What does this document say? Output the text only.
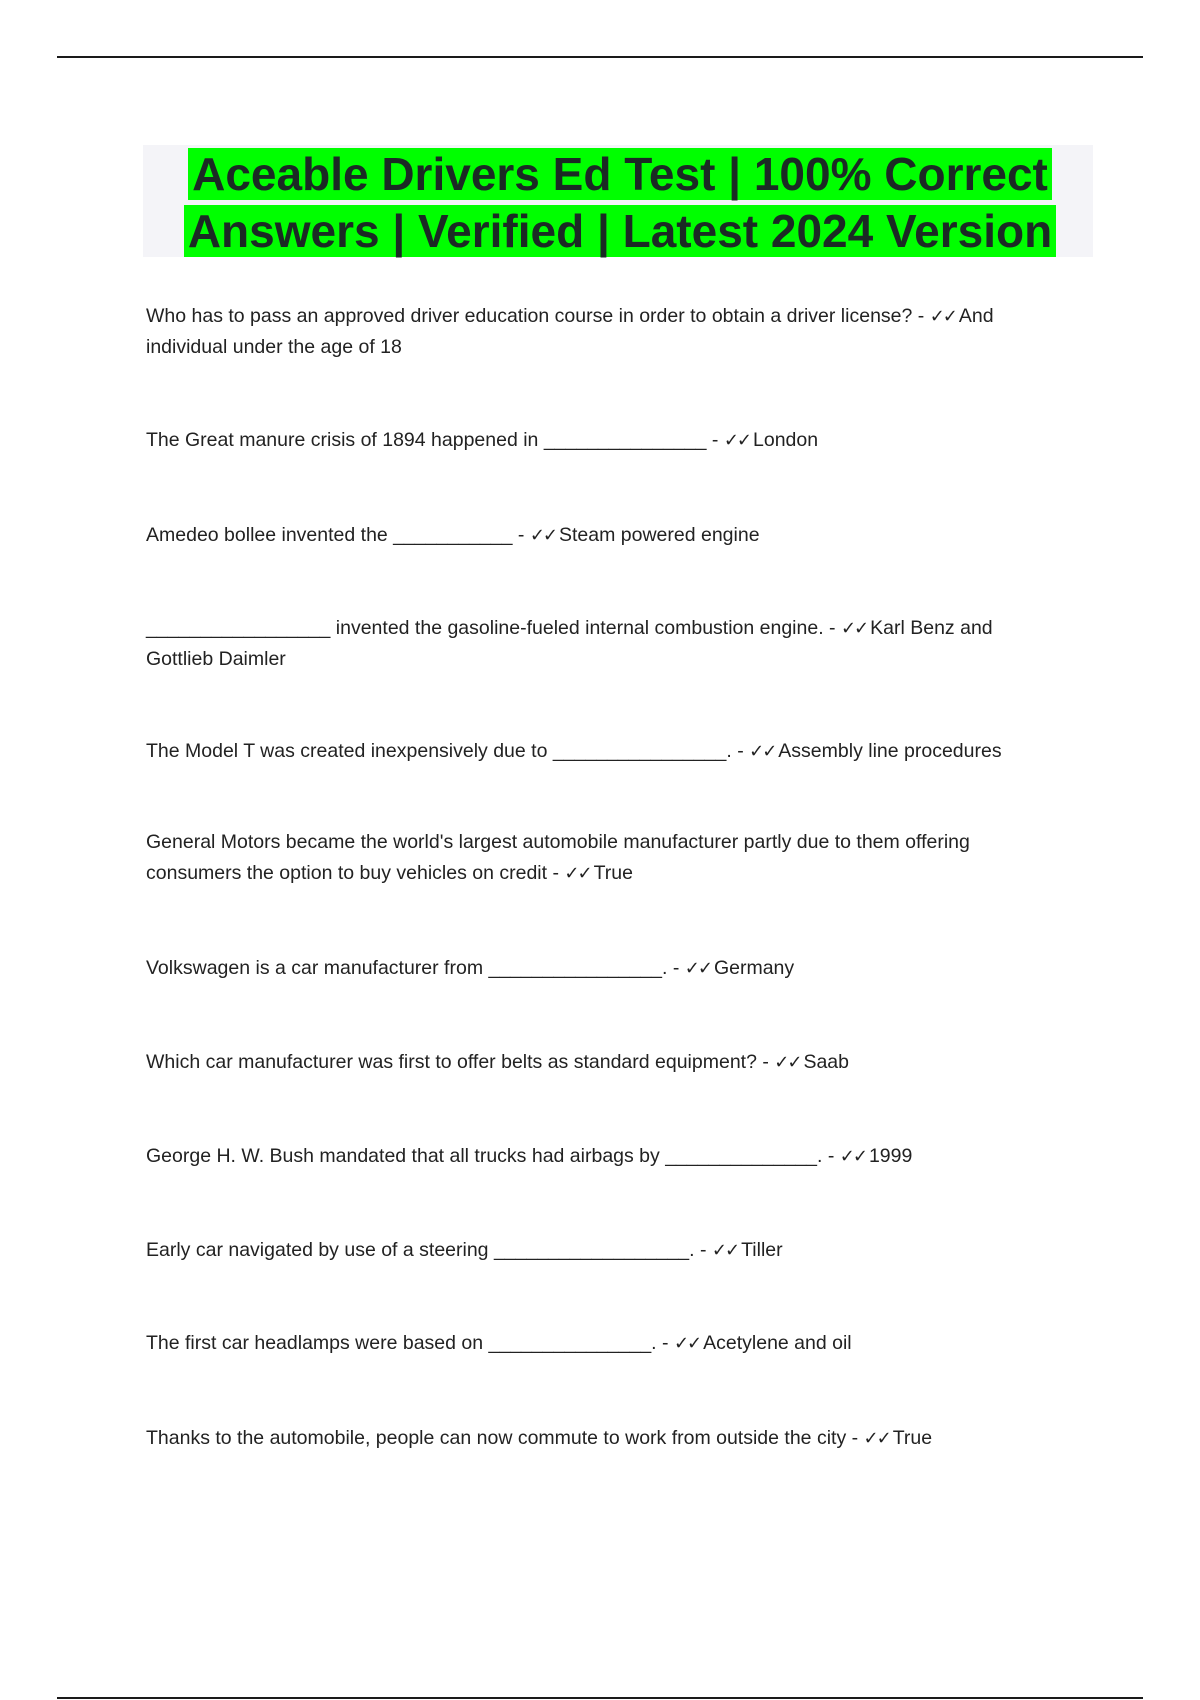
Aceable Drivers Ed Test | 100% Correct Answers | Verified | Latest 2024 Version

Who has to pass an approved driver education course in order to obtain a driver license? - ✓✓ And individual under the age of 18

The Great manure crisis of 1894 happened in _______________ - ✓✓ London

Amedeo bollee invented the ___________ - ✓✓ Steam powered engine

_________________ invented the gasoline-fueled internal combustion engine. - ✓✓ Karl Benz and Gottlieb Daimler

The Model T was created inexpensively due to ________________. - ✓✓ Assembly line procedures

General Motors became the world's largest automobile manufacturer partly due to them offering consumers the option to buy vehicles on credit - ✓✓ True

Volkswagen is a car manufacturer from ________________. - ✓✓ Germany

Which car manufacturer was first to offer belts as standard equipment? - ✓✓ Saab

George H. W. Bush mandated that all trucks had airbags by ______________. - ✓✓ 1999

Early car navigated by use of a steering __________________. - ✓✓ Tiller

The first car headlamps were based on _______________. - ✓✓ Acetylene and oil

Thanks to the automobile, people can now commute to work from outside the city - ✓✓ True
